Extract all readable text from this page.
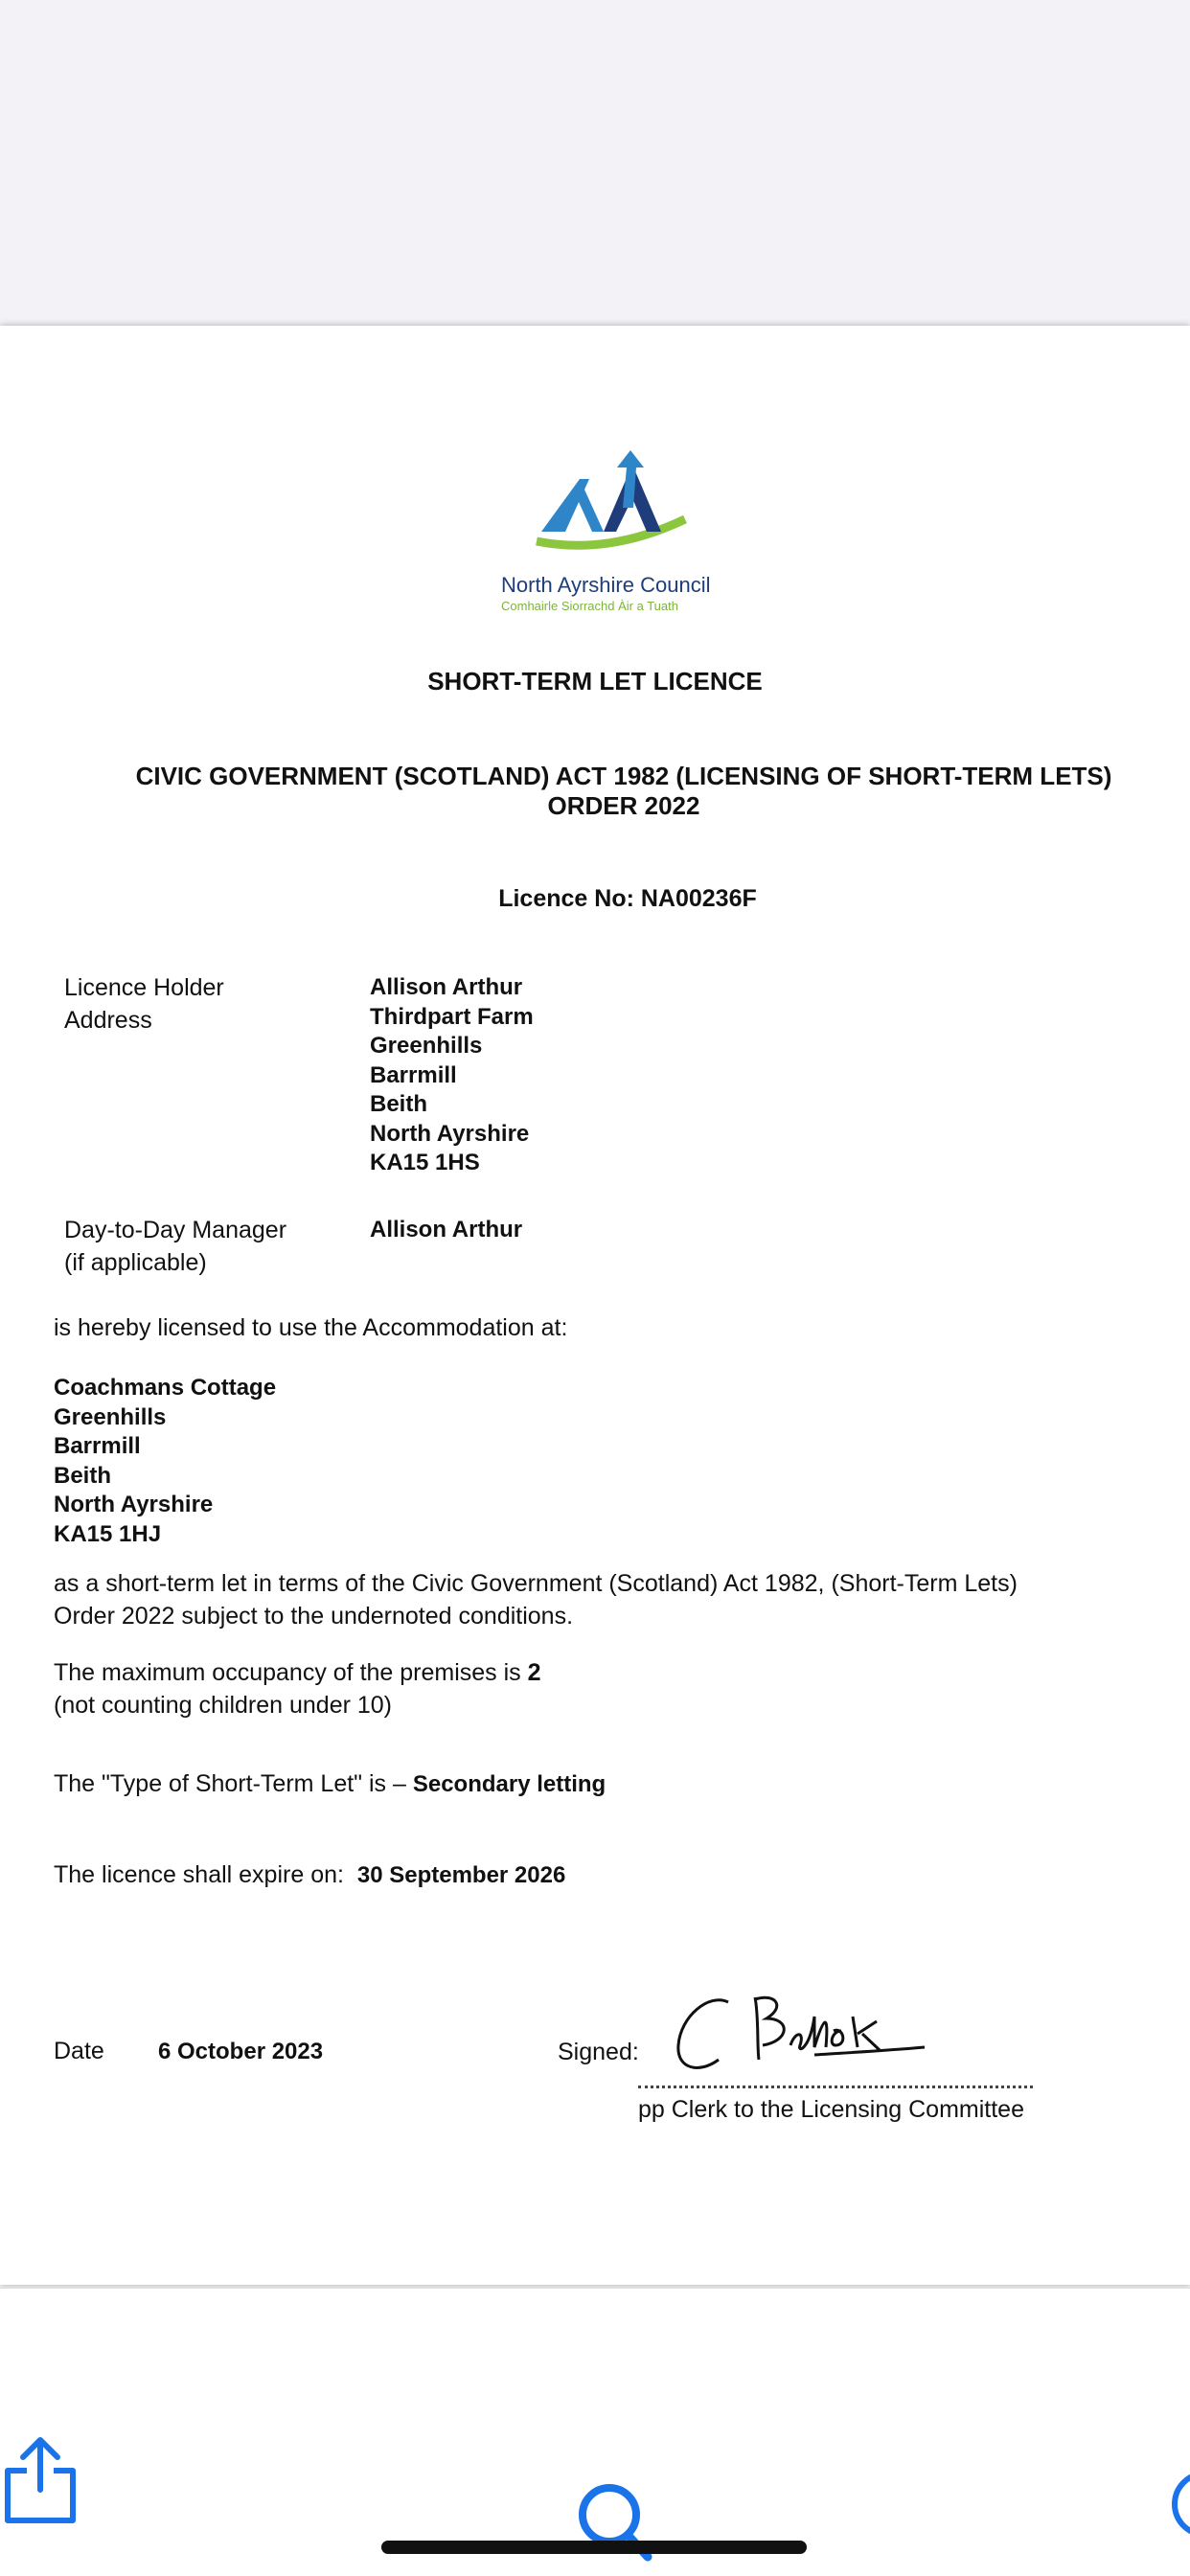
North Ayrshire Council
Comhairle Siorrachd Àir a Tuath
SHORT-TERM LET LICENCE
CIVIC GOVERNMENT (SCOTLAND) ACT 1982 (LICENSING OF SHORT-TERM LETS)
ORDER 2022
Licence No: NA00236F
Licence Holder
Address
Allison Arthur
Thirdpart Farm
Greenhills
Barrmill
Beith
North Ayrshire
KA15 1HS
Day-to-Day Manager
(if applicable)
Allison Arthur
is hereby licensed to use the Accommodation at:
Coachmans Cottage
Greenhills
Barrmill
Beith
North Ayrshire
KA15 1HJ
as a short-term let in terms of the Civic Government (Scotland) Act 1982, (Short-Term Lets)
Order 2022 subject to the undernoted conditions.
The maximum occupancy of the premises is 2
(not counting children under 10)
The "Type of Short-Term Let" is – Secondary letting
The licence shall expire on: 30 September 2026
Date 6 October 2023	Signed:
pp Clerk to the Licensing Committee
